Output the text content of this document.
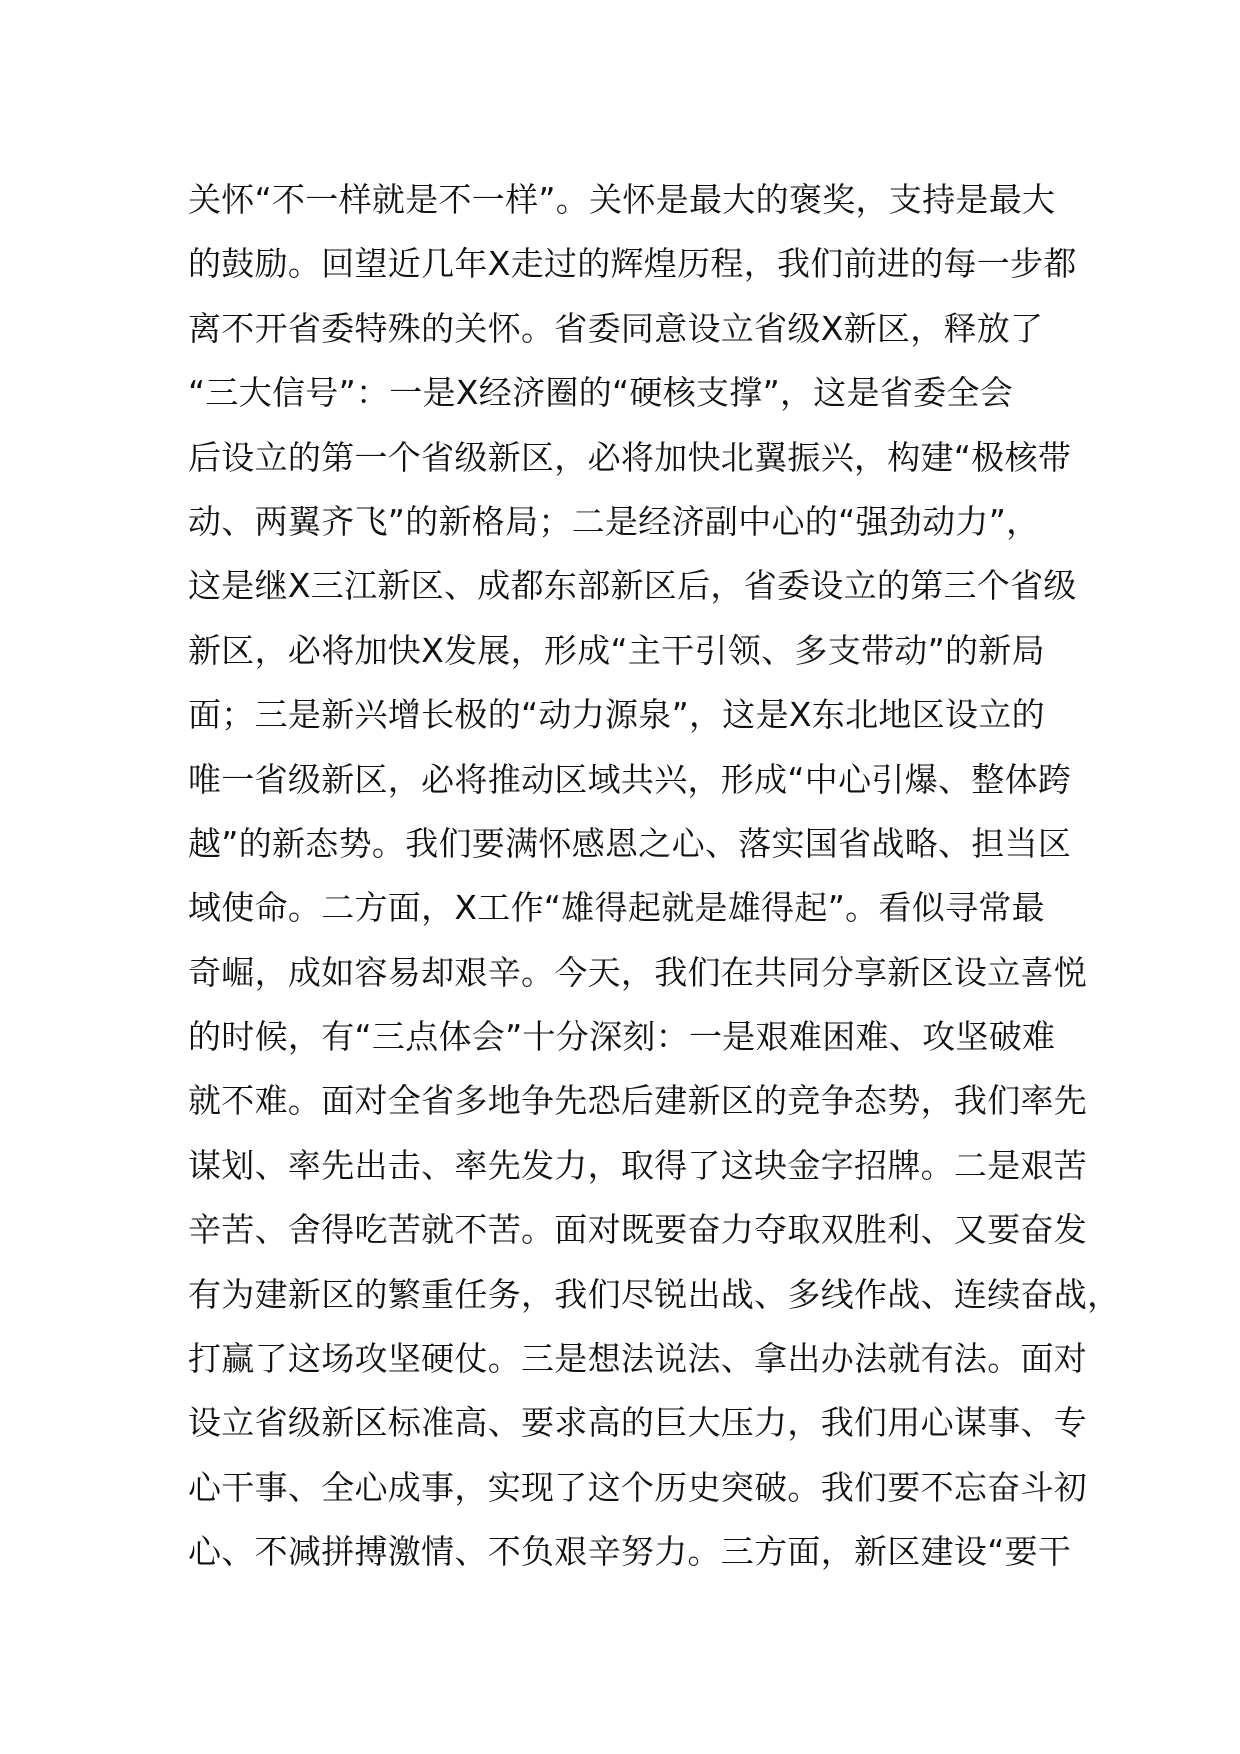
关怀“不一样就是不一样”。关怀是最大的褒奖，支持是最大
的鼓励。回望近几年X走过的辉煌历程，我们前进的每一步都
离不开省委特殊的关怀。省委同意设立省级X新区，释放了
“三大信号”：一是X经济圈的“硬核支撑”，这是省委全会
后设立的第一个省级新区，必将加快北翼振兴，构建“极核带
动、两翼齐飞”的新格局；二是经济副中心的“强劲动力”，
这是继X三江新区、成都东部新区后，省委设立的第三个省级
新区，必将加快X发展，形成“主干引领、多支带动”的新局
面；三是新兴增长极的“动力源泉”，这是X东北地区设立的
唯一省级新区，必将推动区域共兴，形成“中心引爆、整体跨
越”的新态势。我们要满怀感恩之心、落实国省战略、担当区
域使命。二方面，X工作“雄得起就是雄得起”。看似寻常最
奇崛，成如容易却艰辛。今天，我们在共同分享新区设立喜悦
的时候，有“三点体会”十分深刻：一是艰难困难、攻坚破难
就不难。面对全省多地争先恐后建新区的竞争态势，我们率先
谋划、率先出击、率先发力，取得了这块金字招牌。二是艰苦
辛苦、舍得吃苦就不苦。面对既要奋力夺取双胜利、又要奋发
有为建新区的繁重任务，我们尽锐出战、多线作战、连续奋战，
打赢了这场攻坚硬仗。三是想法说法、拿出办法就有法。面对
设立省级新区标准高、要求高的巨大压力，我们用心谋事、专
心干事、全心成事，实现了这个历史突破。我们要不忘奋斗初
心、不减拼搏激情、不负艰辛努力。三方面，新区建设“要干
